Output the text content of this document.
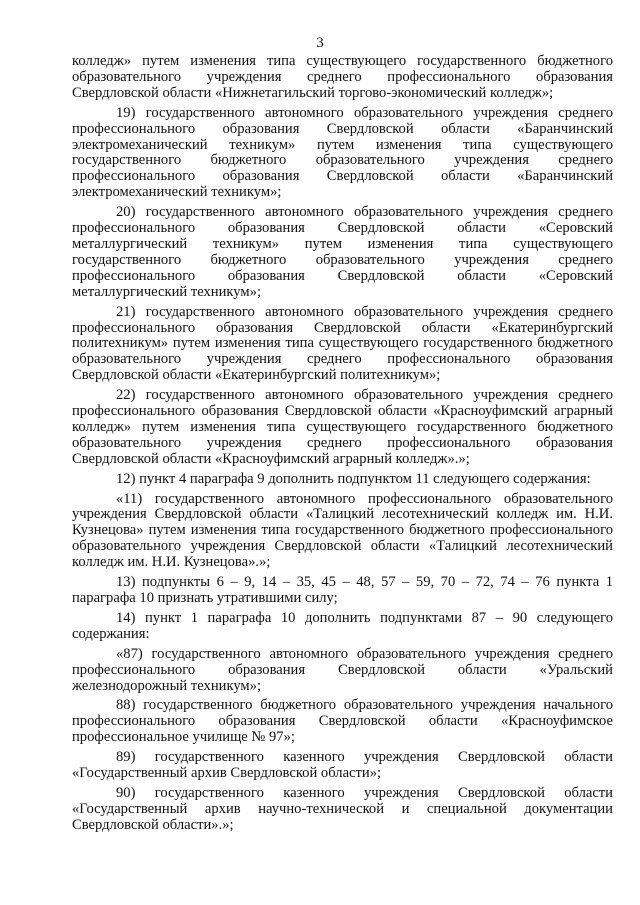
3

колледж» путем изменения типа существующего государственного бюджетного образовательного учреждения среднего профессионального образования Свердловской области «Нижнетагильский торгово-экономический колледж»;

19) государственного автономного образовательного учреждения среднего профессионального образования Свердловской области «Баранчинский электромеханический техникум» путем изменения типа существующего государственного бюджетного образовательного учреждения среднего профессионального образования Свердловской области «Баранчинский электромеханический техникум»;

20) государственного автономного образовательного учреждения среднего профессионального образования Свердловской области «Серовский металлургический техникум» путем изменения типа существующего государственного бюджетного образовательного учреждения среднего профессионального образования Свердловской области «Серовский металлургический техникум»;

21) государственного автономного образовательного учреждения среднего профессионального образования Свердловской области «Екатеринбургский политехникум» путем изменения типа существующего государственного бюджетного образовательного учреждения среднего профессионального образования Свердловской области «Екатеринбургский политехникум»;

22) государственного автономного образовательного учреждения среднего профессионального образования Свердловской области «Красноуфимский аграрный колледж» путем изменения типа существующего государственного бюджетного образовательного учреждения среднего профессионального образования Свердловской области «Красноуфимский аграрный колледж».»;

12) пункт 4 параграфа 9 дополнить подпунктом 11 следующего содержания:

«11) государственного автономного профессионального образовательного учреждения Свердловской области «Талицкий лесотехнический колледж им. Н.И. Кузнецова» путем изменения типа государственного бюджетного профессионального образовательного учреждения Свердловской области «Талицкий лесотехнический колледж им. Н.И. Кузнецова».»;

13) подпункты 6 – 9, 14 – 35, 45 – 48, 57 – 59, 70 – 72, 74 – 76 пункта 1 параграфа 10 признать утратившими силу;

14) пункт 1 параграфа 10 дополнить подпунктами 87 – 90 следующего содержания:

«87) государственного автономного образовательного учреждения среднего профессионального образования Свердловской области «Уральский железнодорожный техникум»;

88) государственного бюджетного образовательного учреждения начального профессионального образования Свердловской области «Красноуфимское профессиональное училище № 97»;

89) государственного казенного учреждения Свердловской области «Государственный архив Свердловской области»;

90) государственного казенного учреждения Свердловской области «Государственный архив научно-технической и специальной документации Свердловской области».»;
